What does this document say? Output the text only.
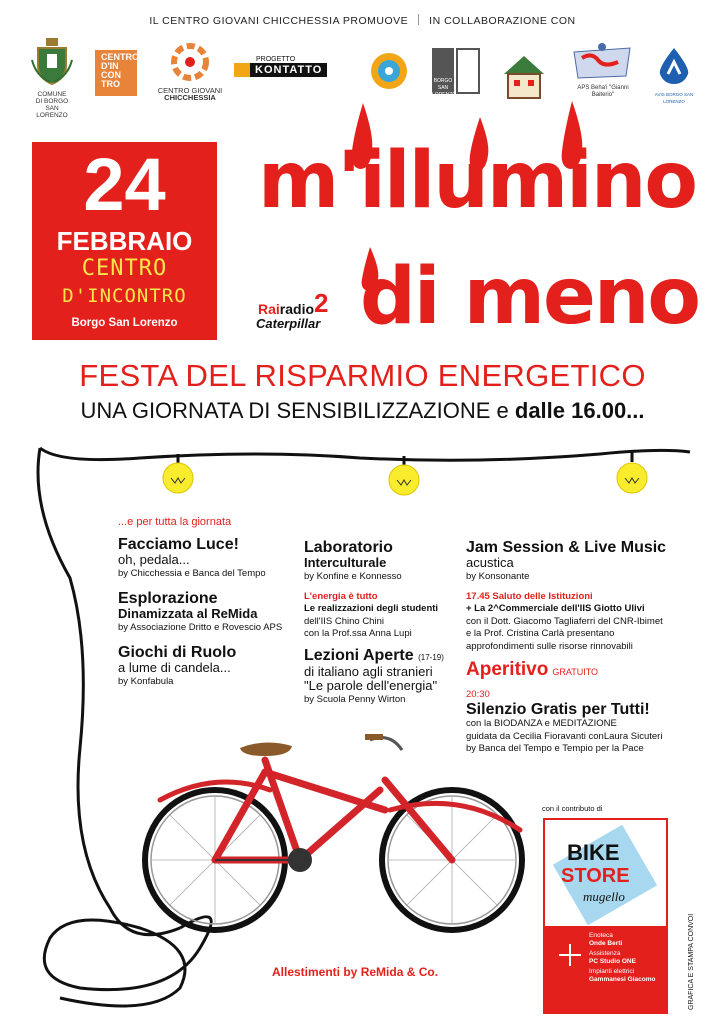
IL CENTRO GIOVANI CHICCHESSIA PROMUOVE IN COLLABORAZIONE CON
COMUNE
DI BORGO
SAN LORENZO
CENTRO
D'IN
CON
TRO
CENTRO GIOVANI
CHICCHESSIA
PROGETTO
KONTATTO
BORGO SAN LORENZO
APS Beha'i "Gianni Baiterio"	AVIS BORGO SAN LORENZO
24
FEBBRAIO
CENTRO
D'INCONTRO
Borgo San Lorenzo
m'illumino
di meno
Rai radio 2
Caterpillar
FESTA DEL RISPARMIO ENERGETICO
UNA GIORNATA DI SENSIBILIZZAZIONE e dalle 16.00...
...e per tutta la giornata
Facciamo Luce!
oh, pedala...
by Chicchessia e Banca del Tempo
Esplorazione
Dinamizzata al ReMida
by Associazione Dritto e Rovescio APS
Giochi di Ruolo
a lume di candela...
by Konfabula
Laboratorio
Interculturale
by Konfine e Konnesso
L'energia è tutto
Le realizzazioni degli studenti
dell'IIS Chino Chini
con la Prof.ssa Anna Lupi
Lezioni Aperte (17-19)
di italiano agli stranieri
"Le parole dell'energia"
by Scuola Penny Wirton
Jam Session & Live Music
acustica
by Konsonante
17.45 Saluto delle Istituzioni
+ La 2^Commerciale dell'IIS Giotto Ulivi
con il Dott. Giacomo Tagliaferri del CNR-Ibimet
e la Prof. Cristina Carlà presentano
approfondimenti sulle risorse rinnovabili
Aperitivo GRATUITO
20:30
Silenzio Gratis per Tutti!
con la BIODANZA e MEDITAZIONE
guidata da Cecilia Fioravanti conLaura Sicuteri
by Banca del Tempo e Tempio per la Pace
Allestimenti by ReMida & Co.
con il contributo di
BIKE
STORE
mugello
Enoteca
Onde Berti
Assistenza
PC Studio ONE
Impianti elettrici
Gammanesi Giacomo	GRAFICA E STAMPA CONVOI
